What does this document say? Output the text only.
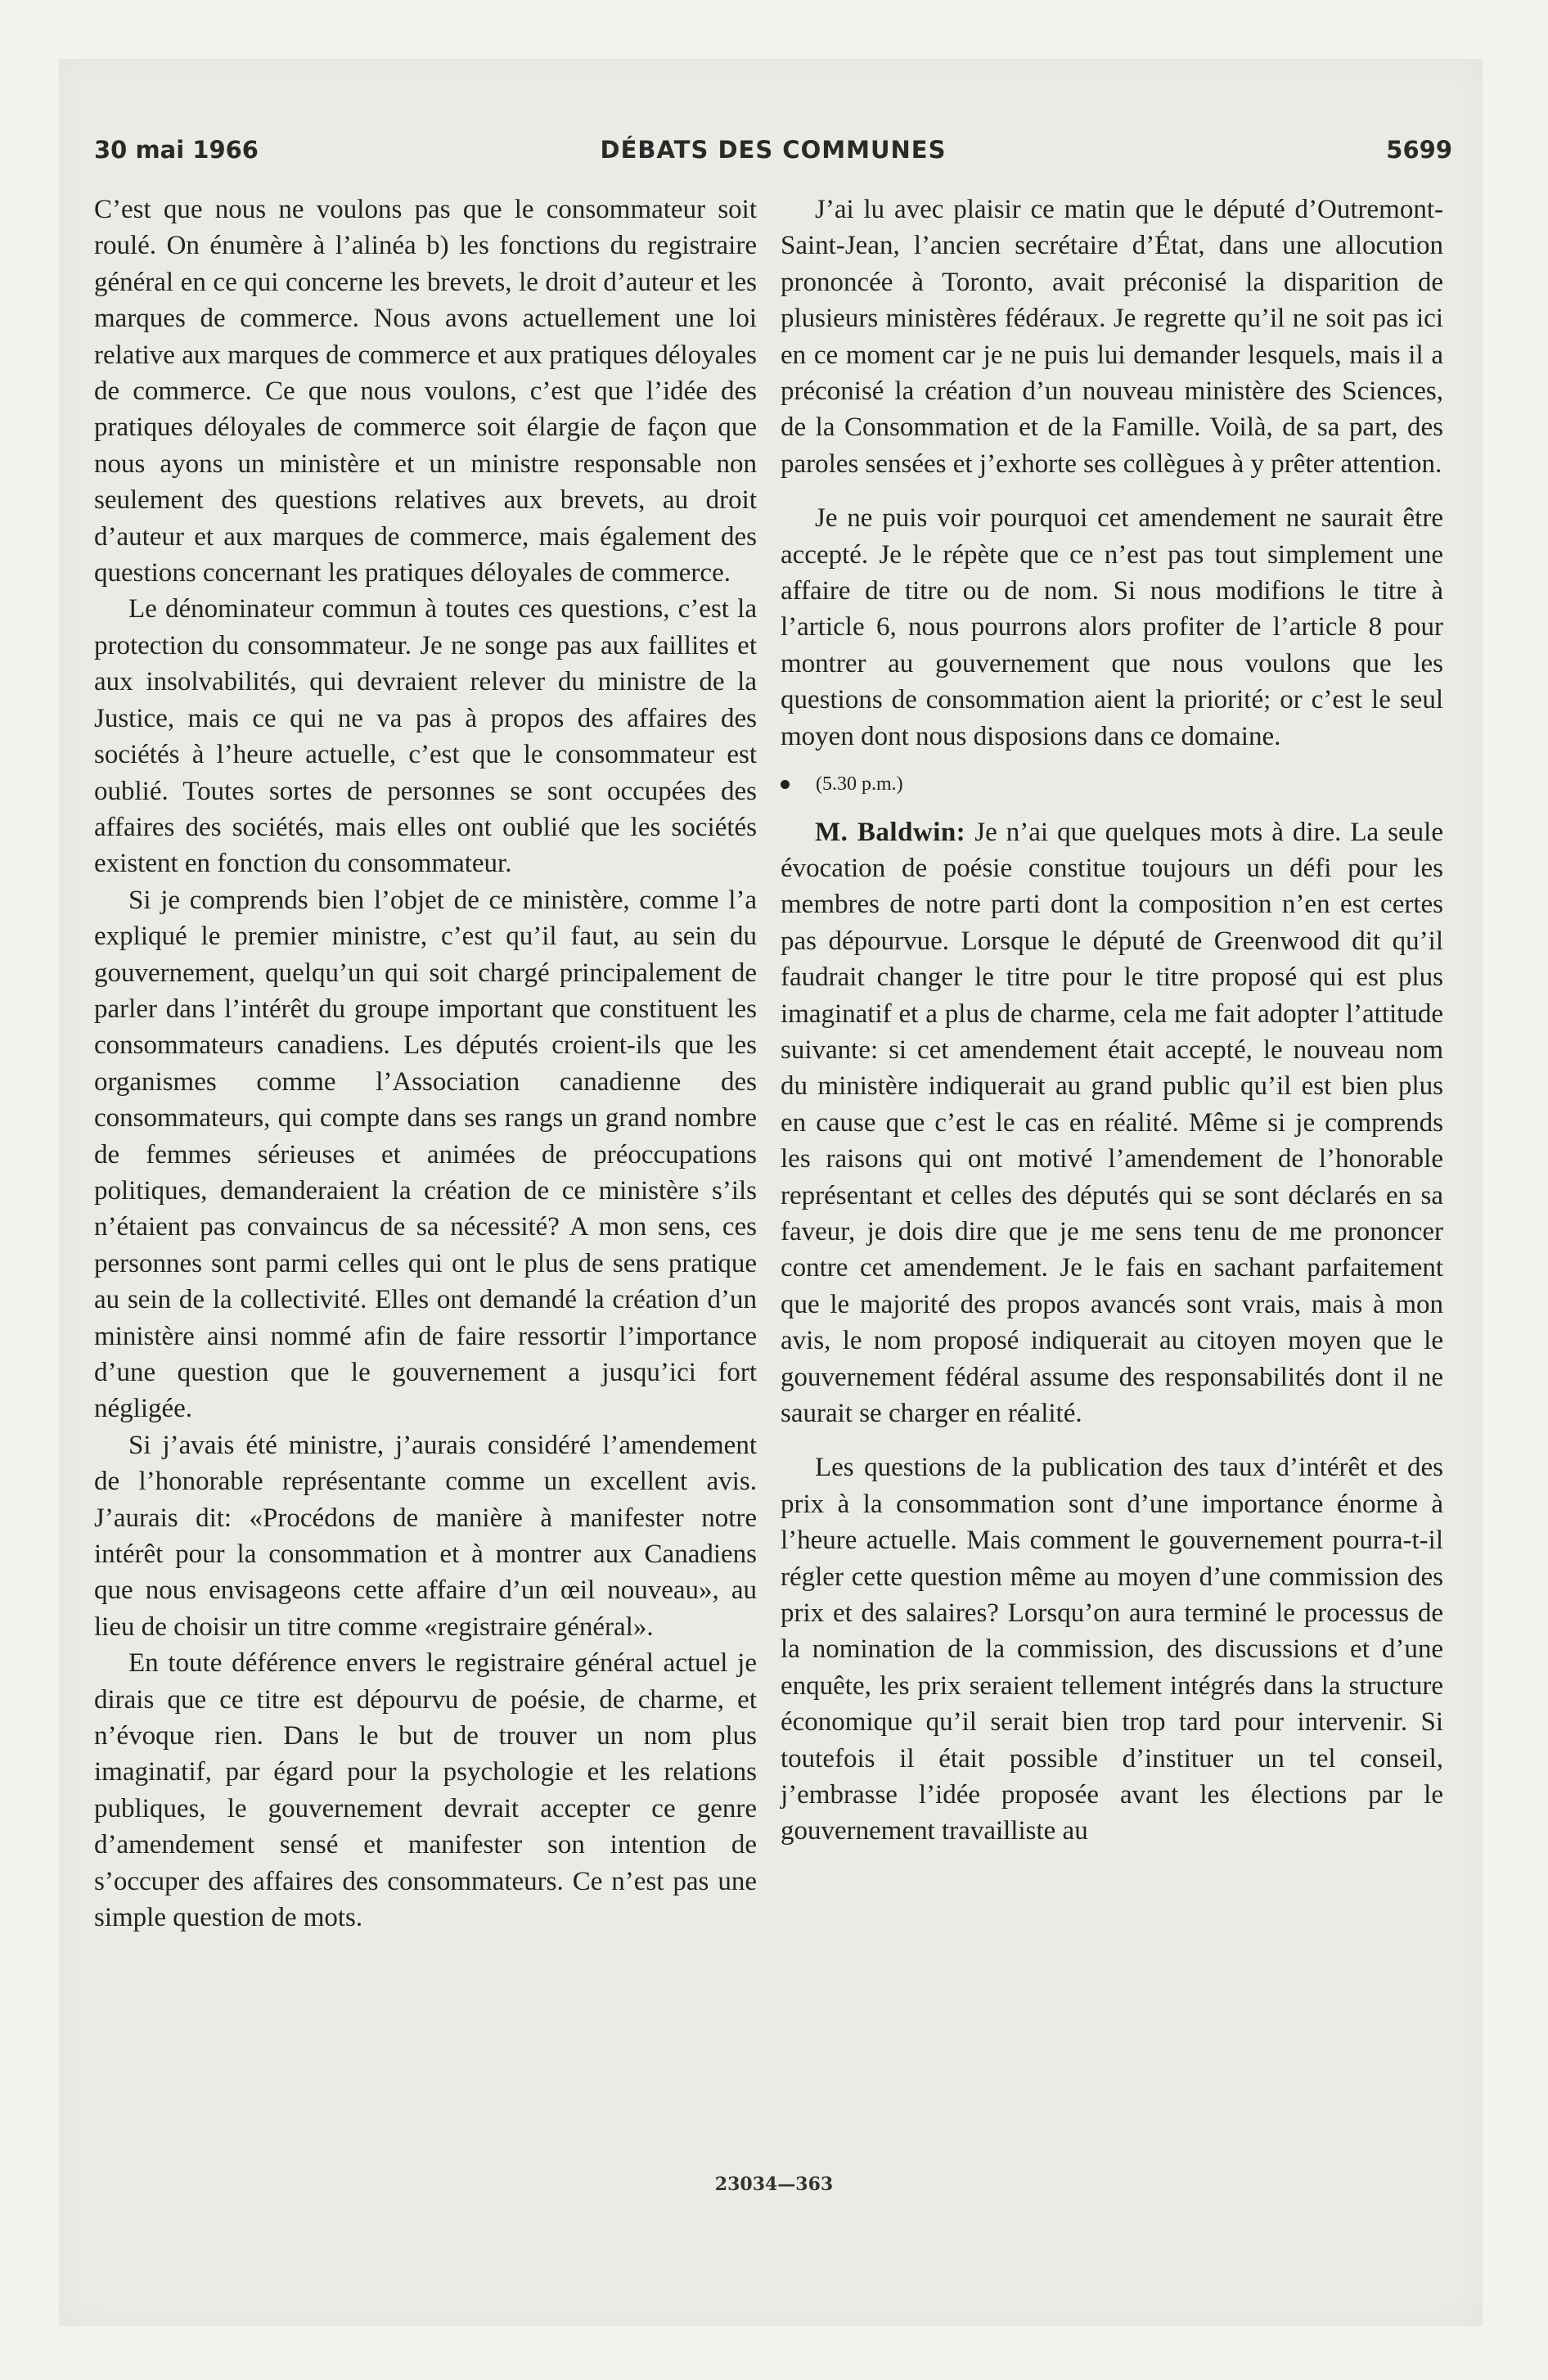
30 mai 1966	DÉBATS DES COMMUNES	5699

C’est que nous ne voulons pas que le consommateur soit roulé. On énumère à l’alinéa b) les fonctions du registraire général en ce qui concerne les brevets, le droit d’auteur et les marques de commerce. Nous avons actuellement une loi relative aux marques de commerce et aux pratiques déloyales de commerce. Ce que nous voulons, c’est que l’idée des pratiques déloyales de commerce soit élargie de façon que nous ayons un ministère et un ministre responsable non seulement des questions relatives aux brevets, au droit d’auteur et aux marques de commerce, mais également des questions concernant les pratiques déloyales de commerce.

Le dénominateur commun à toutes ces questions, c’est la protection du consommateur. Je ne songe pas aux faillites et aux insolvabilités, qui devraient relever du ministre de la Justice, mais ce qui ne va pas à propos des affaires des sociétés à l’heure actuelle, c’est que le consommateur est oublié. Toutes sortes de personnes se sont occupées des affaires des sociétés, mais elles ont oublié que les sociétés existent en fonction du consommateur.

Si je comprends bien l’objet de ce ministère, comme l’a expliqué le premier ministre, c’est qu’il faut, au sein du gouvernement, quelqu’un qui soit chargé principalement de parler dans l’intérêt du groupe important que constituent les consommateurs canadiens. Les députés croient-ils que les organismes comme l’Association canadienne des consommateurs, qui compte dans ses rangs un grand nombre de femmes sérieuses et animées de préoccupations politiques, demanderaient la création de ce ministère s’ils n’étaient pas convaincus de sa nécessité? A mon sens, ces personnes sont parmi celles qui ont le plus de sens pratique au sein de la collectivité. Elles ont demandé la création d’un ministère ainsi nommé afin de faire ressortir l’importance d’une question que le gouvernement a jusqu’ici fort négligée.

Si j’avais été ministre, j’aurais considéré l’amendement de l’honorable représentante comme un excellent avis. J’aurais dit: «Procédons de manière à manifester notre intérêt pour la consommation et à montrer aux Canadiens que nous envisageons cette affaire d’un œil nouveau», au lieu de choisir un titre comme «registraire général».

En toute déférence envers le registraire général actuel je dirais que ce titre est dépourvu de poésie, de charme, et n’évoque rien. Dans le but de trouver un nom plus imaginatif, par égard pour la psychologie et les relations publiques, le gouvernement devrait accepter ce genre d’amendement sensé et manifester son intention de s’occuper des affaires des consommateurs. Ce n’est pas une simple question de mots.

J’ai lu avec plaisir ce matin que le député d’Outremont-Saint-Jean, l’ancien secrétaire d’État, dans une allocution prononcée à Toronto, avait préconisé la disparition de plusieurs ministères fédéraux. Je regrette qu’il ne soit pas ici en ce moment car je ne puis lui demander lesquels, mais il a préconisé la création d’un nouveau ministère des Sciences, de la Consommation et de la Famille. Voilà, de sa part, des paroles sensées et j’exhorte ses collègues à y prêter attention.

Je ne puis voir pourquoi cet amendement ne saurait être accepté. Je le répète que ce n’est pas tout simplement une affaire de titre ou de nom. Si nous modifions le titre à l’article 6, nous pourrons alors profiter de l’article 8 pour montrer au gouvernement que nous voulons que les questions de consommation aient la priorité; or c’est le seul moyen dont nous disposions dans ce domaine.

(5.30 p.m.)

M. Baldwin: Je n’ai que quelques mots à dire. La seule évocation de poésie constitue toujours un défi pour les membres de notre parti dont la composition n’en est certes pas dépourvue. Lorsque le député de Greenwood dit qu’il faudrait changer le titre pour le titre proposé qui est plus imaginatif et a plus de charme, cela me fait adopter l’attitude suivante: si cet amendement était accepté, le nouveau nom du ministère indiquerait au grand public qu’il est bien plus en cause que c’est le cas en réalité. Même si je comprends les raisons qui ont motivé l’amendement de l’honorable représentant et celles des députés qui se sont déclarés en sa faveur, je dois dire que je me sens tenu de me prononcer contre cet amendement. Je le fais en sachant parfaitement que le majorité des propos avancés sont vrais, mais à mon avis, le nom proposé indiquerait au citoyen moyen que le gouvernement fédéral assume des responsabilités dont il ne saurait se charger en réalité.

Les questions de la publication des taux d’intérêt et des prix à la consommation sont d’une importance énorme à l’heure actuelle. Mais comment le gouvernement pourra-t-il régler cette question même au moyen d’une commission des prix et des salaires? Lorsqu’on aura terminé le processus de la nomination de la commission, des discussions et d’une enquête, les prix seraient tellement intégrés dans la structure économique qu’il serait bien trop tard pour intervenir. Si toutefois il était possible d’instituer un tel conseil, j’embrasse l’idée proposée avant les élections par le gouvernement travailliste au

23034—363
